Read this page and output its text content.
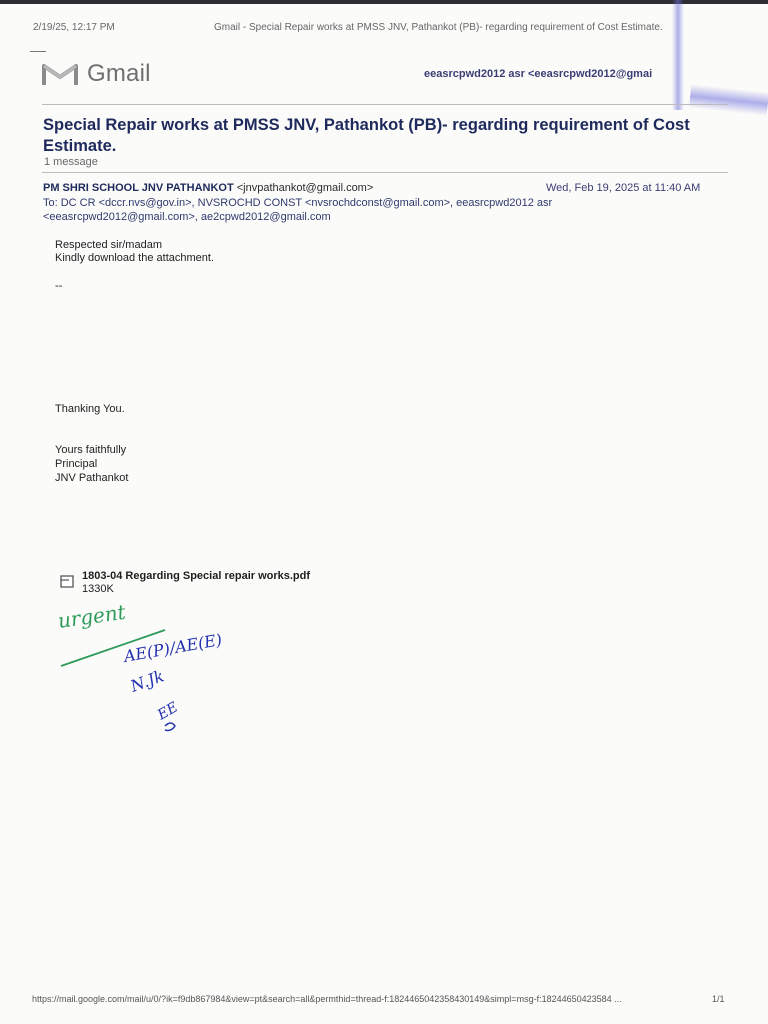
2/19/25, 12:17 PM	Gmail - Special Repair works at PMSS JNV, Pathankot (PB)- regarding requirement of Cost Estimate.
Gmail	eeasrcpwd2012 asr <eeasrcpwd2012@gmai
Special Repair works at PMSS JNV, Pathankot (PB)- regarding requirement of Cost Estimate.
1 message
PM SHRI SCHOOL JNV PATHANKOT <jnvpathankot@gmail.com>	Wed, Feb 19, 2025 at 11:40 AM
To: DC CR <dccr.nvs@gov.in>, NVSROCHD CONST <nvsrochdconst@gmail.com>, eeasrcpwd2012 asr <eeasrcpwd2012@gmail.com>, ae2cpwd2012@gmail.com
Respected sir/madam
Kindly download the attachment.
--
Thanking You.
Yours faithfully
Principal
JNV Pathankot
1803-04 Regarding Special repair works.pdf
1330K
urgent
AE(P)/AE(E)
N.Jk
EE
https://mail.google.com/mail/u/0/?ik=f9db867984&view=pt&search=all&permthid=thread-f:1824465042358430149&simpl=msg-f:18244650423584 ...	1/1
